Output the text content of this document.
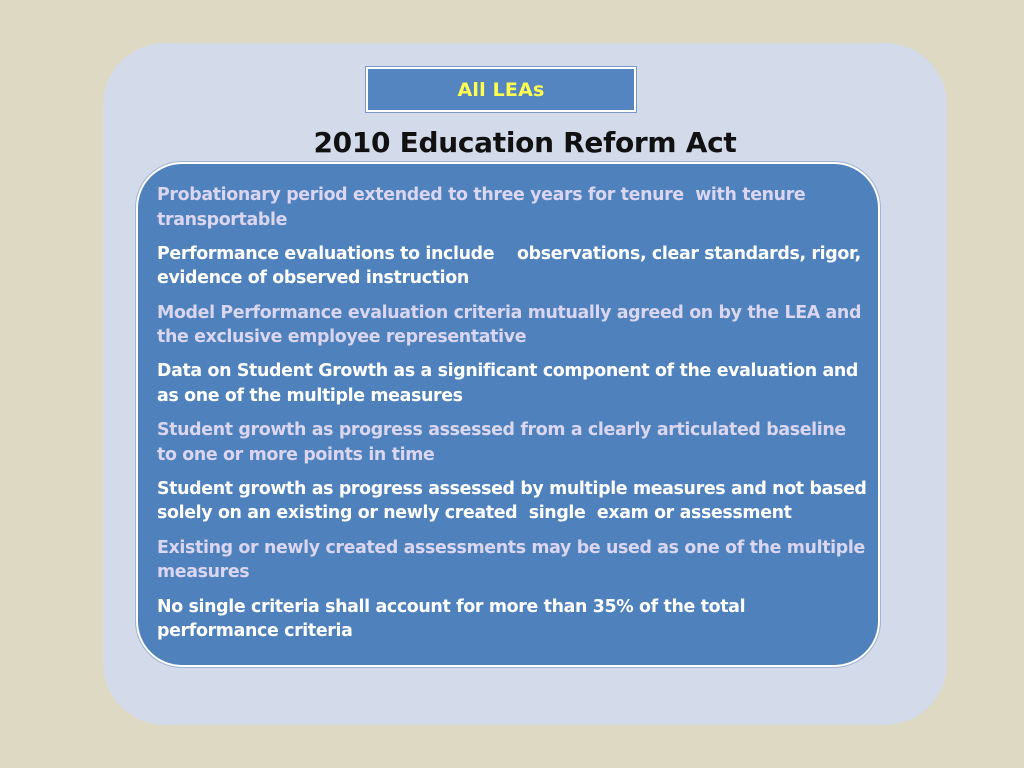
All LEAs
2010 Education Reform Act
Probationary period extended to three years for tenure  with tenure transportable
Performance evaluations to include    observations, clear standards, rigor, evidence of observed instruction
Model Performance evaluation criteria mutually agreed on by the LEA and the exclusive employee representative
Data on Student Growth as a significant component of the evaluation and as one of the multiple measures
Student growth as progress assessed from a clearly articulated baseline to one or more points in time
Student growth as progress assessed by multiple measures and not based solely on an existing or newly created  single  exam or assessment
Existing or newly created assessments may be used as one of the multiple measures
No single criteria shall account for more than 35% of the total performance criteria
